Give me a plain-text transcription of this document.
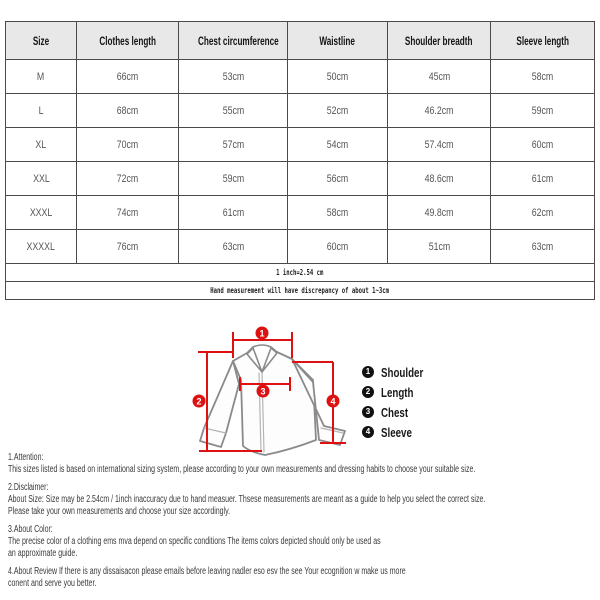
Size	Clothes length	Chest circumference	Waistline	Shoulder breadth	Sleeve length
M	66cm	53cm	50cm	45cm	58cm
L	68cm	55cm	52cm	46.2cm	59cm
XL	70cm	57cm	54cm	57.4cm	60cm
XXL	72cm	59cm	56cm	48.6cm	61cm
XXXL	74cm	61cm	58cm	49.8cm	62cm
XXXXL	76cm	63cm	60cm	51cm	63cm
1 inch=2.54 cm					
Hand measurement will have discrepancy of about 1~3cm					
1
2
3
4
1 Shoulder
2 Length
3 Chest
4 Sleeve
1.Attention:
This sizes listed is based on international sizing system, please according to your own measurements and dressing habits to choose your suitable size.
2.Disclaimer:
About Size: Size may be 2.54cm / 1inch inaccuracy due to hand measuer. Thsese measurements are meant as a guide to help you select the correct size.
Please take your own measurements and choose your size accordingly.
3.About Color:
The precise color of a clothing ems mva depend on specific conditions The items colors depicted should only be used as
an approximate guide.
4.About Review If there is any dissaisacon please emails before leaving nadler eso esv the see Your ecognition w make us more
conent and serve you better.
